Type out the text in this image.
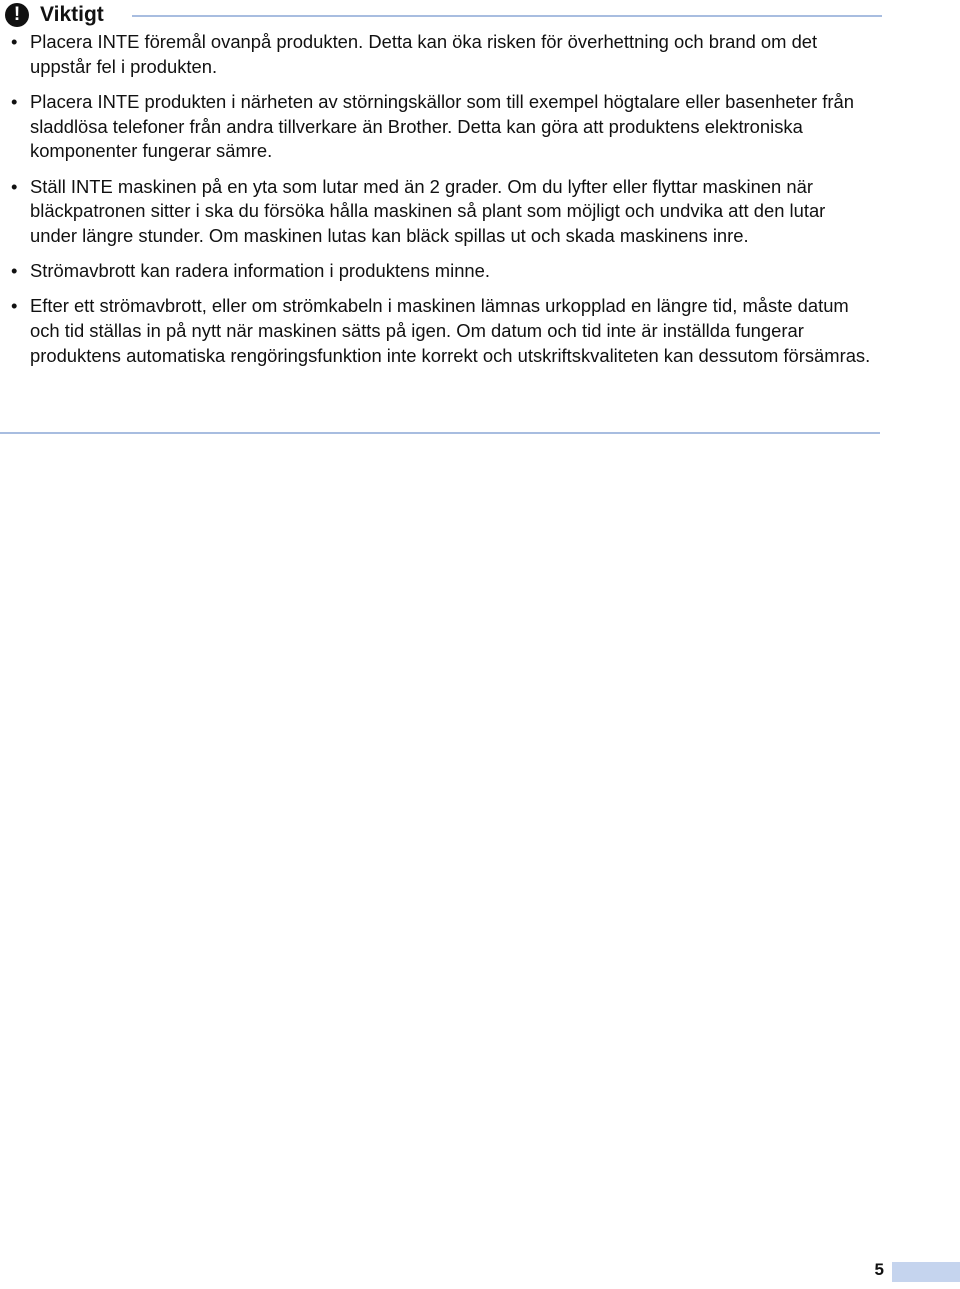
! Viktigt
• Placera INTE föremål ovanpå produkten. Detta kan öka risken för överhettning och brand om det uppstår fel i produkten.
• Placera INTE produkten i närheten av störningskällor som till exempel högtalare eller basenheter från sladdlösa telefoner från andra tillverkare än Brother. Detta kan göra att produktens elektroniska komponenter fungerar sämre.
• Ställ INTE maskinen på en yta som lutar med än 2 grader. Om du lyfter eller flyttar maskinen när bläckpatronen sitter i ska du försöka hålla maskinen så plant som möjligt och undvika att den lutar under längre stunder. Om maskinen lutas kan bläck spillas ut och skada maskinens inre.
• Strömavbrott kan radera information i produktens minne.
• Efter ett strömavbrott, eller om strömkabeln i maskinen lämnas urkopplad en längre tid, måste datum och tid ställas in på nytt när maskinen sätts på igen. Om datum och tid inte är inställda fungerar produktens automatiska rengöringsfunktion inte korrekt och utskriftskvaliteten kan dessutom försämras.
5
